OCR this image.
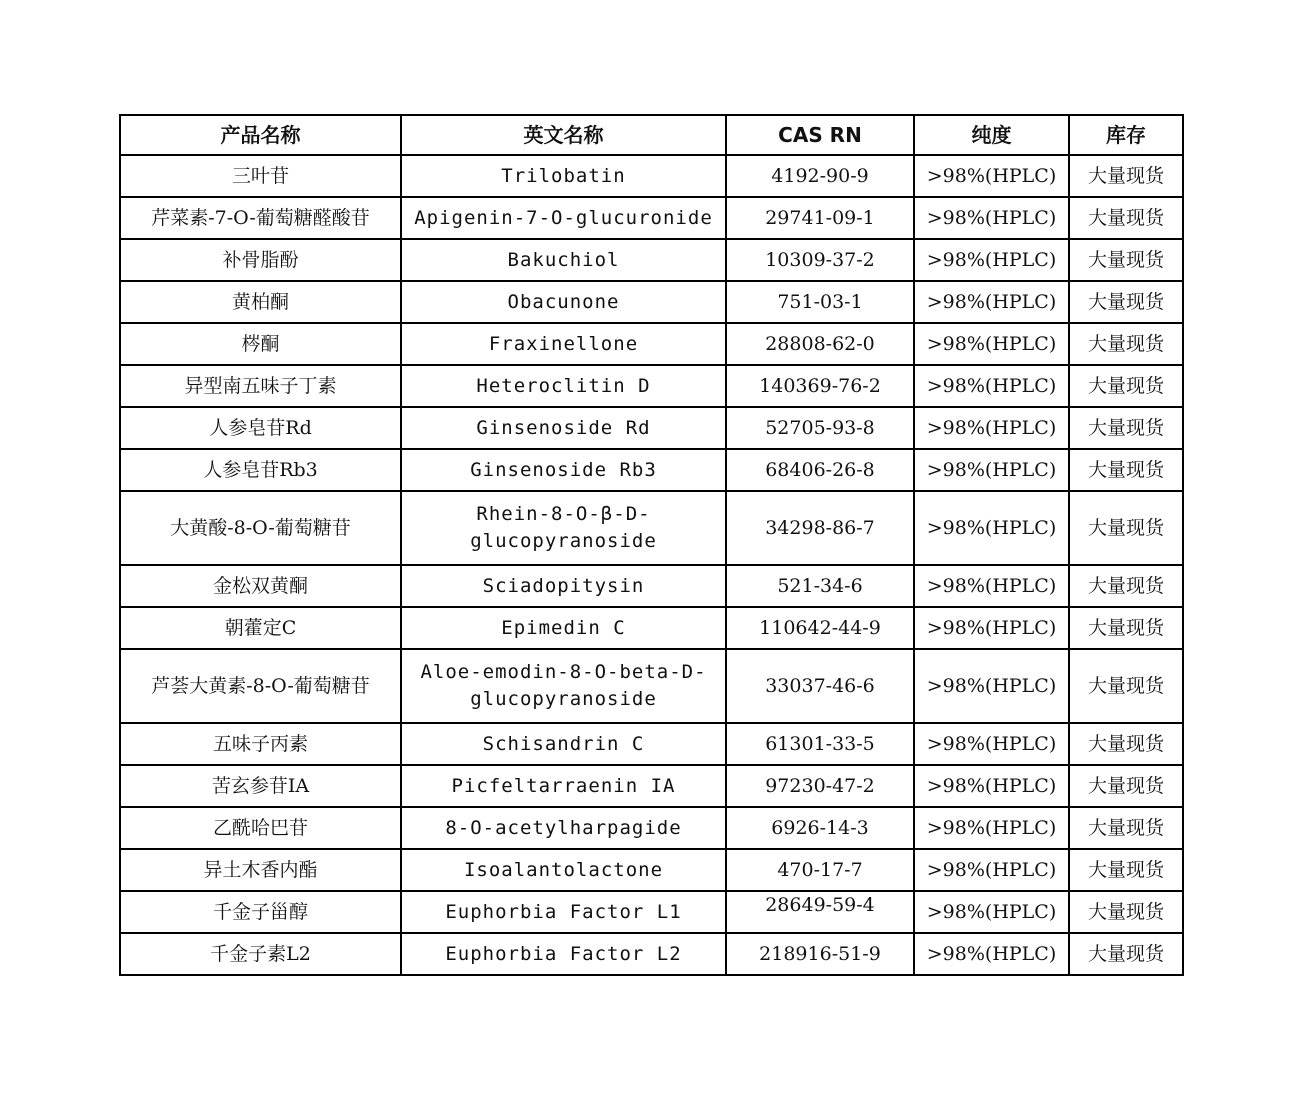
产品名称	英文名称	CAS RN	纯度	库存
三叶苷	Trilobatin	4192-90-9	>98%(HPLC)	大量现货
芹菜素-7-O-葡萄糖醛酸苷	Apigenin-7-O-glucuronide	29741-09-1	>98%(HPLC)	大量现货
补骨脂酚	Bakuchiol	10309-37-2	>98%(HPLC)	大量现货
黄柏酮	Obacunone	751-03-1	>98%(HPLC)	大量现货
梣酮	Fraxinellone	28808-62-0	>98%(HPLC)	大量现货
异型南五味子丁素	Heteroclitin D	140369-76-2	>98%(HPLC)	大量现货
人参皂苷Rd	Ginsenoside Rd	52705-93-8	>98%(HPLC)	大量现货
人参皂苷Rb3	Ginsenoside Rb3	68406-26-8	>98%(HPLC)	大量现货
大黄酸-8-O-葡萄糖苷	Rhein-8-O-β-D-glucopyranoside	34298-86-7	>98%(HPLC)	大量现货
金松双黄酮	Sciadopitysin	521-34-6	>98%(HPLC)	大量现货
朝藿定C	Epimedin C	110642-44-9	>98%(HPLC)	大量现货
芦荟大黄素-8-O-葡萄糖苷	Aloe-emodin-8-O-beta-D-glucopyranoside	33037-46-6	>98%(HPLC)	大量现货
五味子丙素	Schisandrin C	61301-33-5	>98%(HPLC)	大量现货
苦玄参苷IA	Picfeltarraenin IA	97230-47-2	>98%(HPLC)	大量现货
乙酰哈巴苷	8-O-acetylharpagide	6926-14-3	>98%(HPLC)	大量现货
异土木香内酯	Isoalantolactone	470-17-7	>98%(HPLC)	大量现货
千金子甾醇	Euphorbia Factor L1	28649-59-4	>98%(HPLC)	大量现货
千金子素L2	Euphorbia Factor L2	218916-51-9	>98%(HPLC)	大量现货
